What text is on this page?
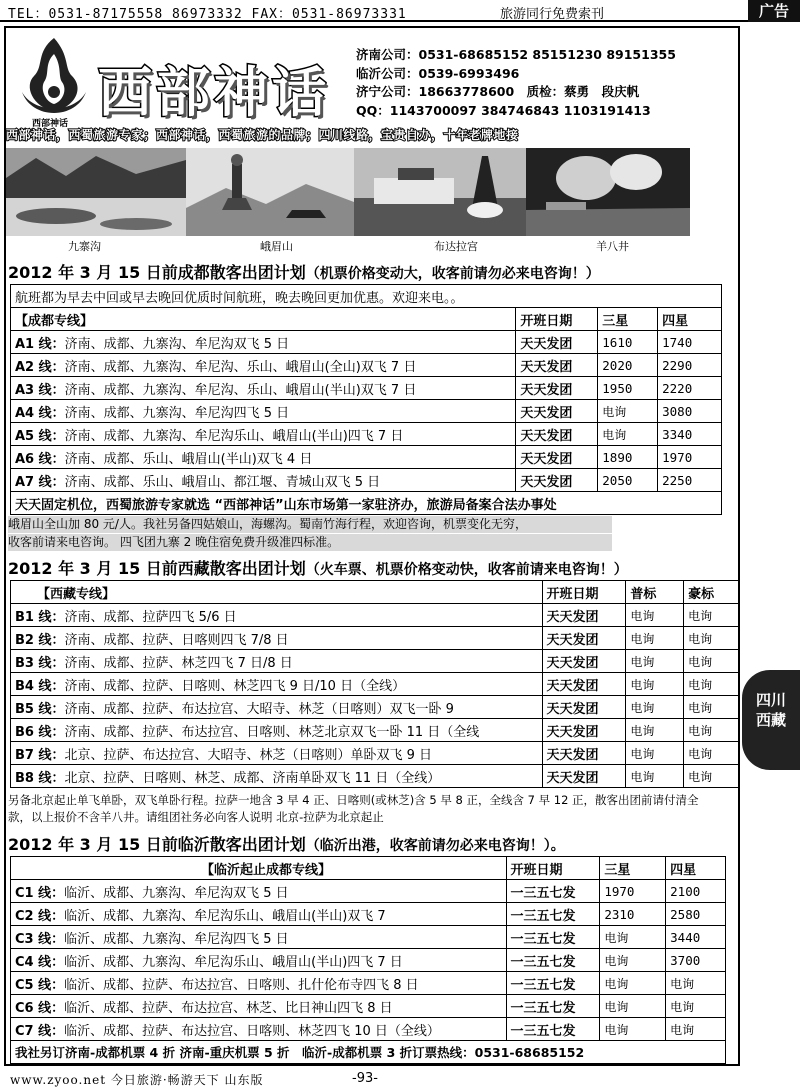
TEL：0531-87175558 86973332 FAX：0531-86973331	旅游同行免费索刊	广告
西部神话 西部神话
济南公司：0531-68685152 85151230 89151355
临沂公司：0539-6993496
济宁公司：18663778600　质检：蔡勇　段庆帆
QQ：1143700097 384746843 1103191413
西部神话，西蜀旅游专家；西部神话，西蜀旅游的品牌；四川线路，宝贵自办，十年老牌地接
九寨沟	峨眉山	布达拉宫	羊八井
2012 年 3 月 15 日前成都散客出团计划（机票价格变动大，收客前请勿必来电咨询！）
航班都为早去中回或早去晚回优质时间航班，晚去晚回更加优惠。欢迎来电。。			
【成都专线】	开班日期	三星	四星
A1 线：济南、成都、九寨沟、牟尼沟双飞 5 日	天天发团	1610	1740
A2 线：济南、成都、九寨沟、牟尼沟、乐山、峨眉山(全山)双飞 7 日	天天发团	2020	2290
A3 线：济南、成都、九寨沟、牟尼沟、乐山、峨眉山(半山)双飞 7 日	天天发团	1950	2220
A4 线：济南、成都、九寨沟、牟尼沟四飞 5 日	天天发团	电询	3080
A5 线：济南、成都、九寨沟、牟尼沟乐山、峨眉山(半山)四飞 7 日	天天发团	电询	3340
A6 线：济南、成都、乐山、峨眉山(半山)双飞 4 日	天天发团	1890	1970
A7 线：济南、成都、乐山、峨眉山、都江堰、青城山双飞 5 日	天天发团	2050	2250
天天固定机位，西蜀旅游专家就选 “西部神话”山东市场第一家驻济办，旅游局备案合法办事处			
峨眉山全山加 80 元/人。我社另备四姑娘山，海螺沟。蜀南竹海行程，欢迎咨询，机票变化无穷，
收客前请来电咨询。 四飞团九寨 2 晚住宿免费升级准四标准。
2012 年 3 月 15 日前西藏散客出团计划（火车票、机票价格变动快，收客前请来电咨询！）
【西藏专线】	开班日期	普标	豪标
B1 线：济南、成都、拉萨四飞 5/6 日	天天发团	电询	电询
B2 线：济南、成都、拉萨、日喀则四飞 7/8 日	天天发团	电询	电询
B3 线：济南、成都、拉萨、林芝四飞 7 日/8 日	天天发团	电询	电询
B4 线：济南、成都、拉萨、日喀则、林芝四飞 9 日/10 日（全线）	天天发团	电询	电询
B5 线：济南、成都、拉萨、布达拉宫、大昭寺、林芝（日喀则）双飞一卧 9	天天发团	电询	电询
B6 线：济南、成都、拉萨、布达拉宫、日喀则、林芝北京双飞一卧 11 日（全线	天天发团	电询	电询
B7 线：北京、拉萨、布达拉宫、大昭寺、林芝（日喀则）单卧双飞 9 日	天天发团	电询	电询
B8 线：北京、拉萨、日喀则、林芝、成都、济南单卧双飞 11 日（全线）	天天发团	电询	电询
另备北京起止单飞单卧，双飞单卧行程。拉萨一地含 3 早 4 正、日喀则(或林芝)含 5 早 8 正，全线含 7 早 12 正，散客出团前请付清全
款，以上报价不含羊八井。请组团社务必向客人说明 北京-拉萨为北京起止
2012 年 3 月 15 日前临沂散客出团计划（临沂出港，收客前请勿必来电咨询！）。
【临沂起止成都专线】	开班日期	三星	四星
C1 线：临沂、成都、九寨沟、牟尼沟双飞 5 日	一三五七发	1970	2100
C2 线：临沂、成都、九寨沟、牟尼沟乐山、峨眉山(半山)双飞 7	一三五七发	2310	2580
C3 线：临沂、成都、九寨沟、牟尼沟四飞 5 日	一三五七发	电询	3440
C4 线：临沂、成都、九寨沟、牟尼沟乐山、峨眉山(半山)四飞 7 日	一三五七发	电询	3700
C5 线：临沂、成都、拉萨、布达拉宫、日喀则、扎什伦布寺四飞 8 日	一三五七发	电询	电询
C6 线：临沂、成都、拉萨、布达拉宫、林芝、比日神山四飞 8 日	一三五七发	电询	电询
C7 线：临沂、成都、拉萨、布达拉宫、日喀则、林芝四飞 10 日（全线）	一三五七发	电询	电询
我社另订济南-成都机票 4 折 济南-重庆机票 5 折　临沂-成都机票 3 折订票热线：0531-68685152			
四川
西藏
www.zyoo.net 今日旅游·畅游天下 山东版	-93-
